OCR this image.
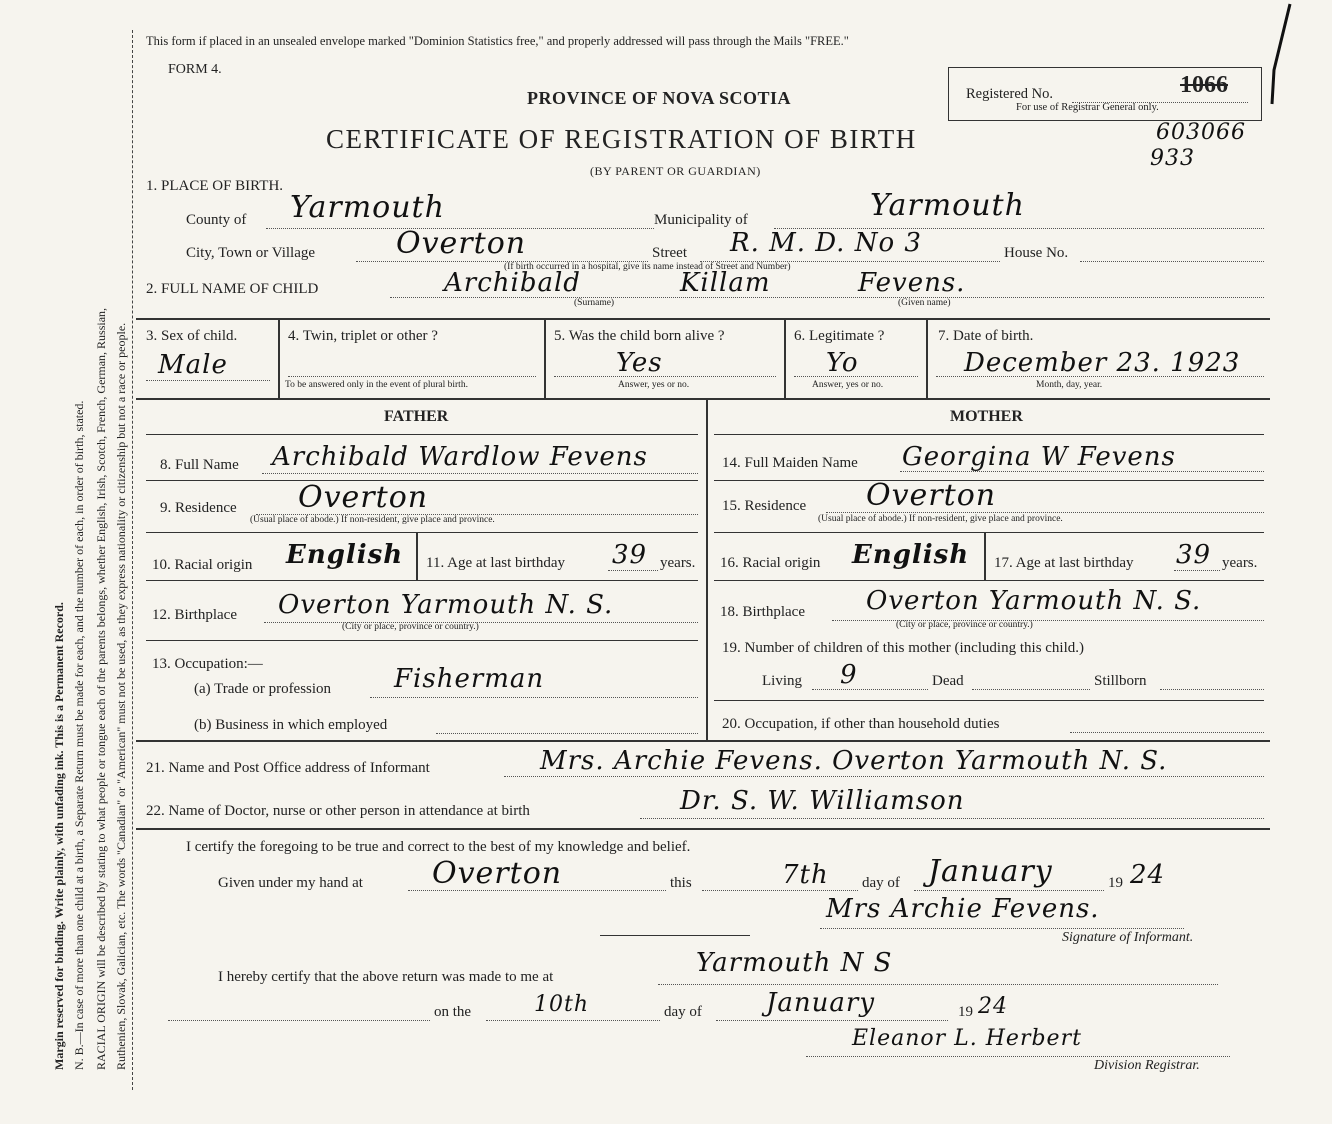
Margin reserved for binding. Write plainly, with unfading ink. This is a Permanent Record. N. B.—In case of more than one child at a birth, a Separate Return must be made for each, and the number of each, in order of birth, stated. RACIAL ORIGIN will be described by stating to what people or tongue each of the parents belongs, whether English, Irish, Scotch, French, German, Russian, Ruthenien, Slovak, Galician, etc. The words "Canadian" or "American" must not be used, as they express nationality or citizenship but not a race or people.
This form if placed in an unsealed envelope marked "Dominion Statistics free," and properly addressed will pass through the Mails "FREE."
FORM 4.
PROVINCE OF NOVA SCOTIA
CERTIFICATE OF REGISTRATION OF BIRTH
(BY PARENT OR GUARDIAN)
Registered No.	1066
For use of Registrar General only.
603066
933
1. PLACE OF BIRTH.
County of Yarmouth	Municipality of	Yarmouth
City, Town or Village	Overton	Street R. M. D. No 3	House No.
(If birth occurred in a hospital, give its name instead of Street and Number)
2. FULL NAME OF CHILD	Archibald	Killam	Fevens.
(Surname)	(Given name)
3. Sex of child.
Male
4. Twin, triplet or other ?
To be answered only in the event of plural birth.
5. Was the child born alive ?
Yes
Answer, yes or no.
6. Legitimate ?
Yo
Answer, yes or no.
7. Date of birth.
December 23. 1923
Month, day, year.
FATHER	MOTHER
8. Full Name Archibald Wardlow Fevens
9. Residence Overton
(Usual place of abode.) If non-resident, give place and province.
10. Racial origin English 11. Age at last birthday 39 years.
12. Birthplace Overton Yarmouth N. S.
(City or place, province or country.)
13. Occupation:—
(a) Trade or profession Fisherman
(b) Business in which employed
14. Full Maiden Name Georgina W Fevens
15. Residence Overton
(Usual place of abode.) If non-resident, give place and province.
16. Racial origin English 17. Age at last birthday 39 years.
18. Birthplace Overton Yarmouth N. S.
(City or place, province or country.)
19. Number of children of this mother (including this child.)
Living 9	Dead	Stillborn
20. Occupation, if other than household duties
21. Name and Post Office address of Informant	Mrs. Archie Fevens. Overton Yarmouth N. S.
22. Name of Doctor, nurse or other person in attendance at birth	Dr. S. W. Williamson
I certify the foregoing to be true and correct to the best of my knowledge and belief.
Given under my hand at Overton	this	7th day of January	19 24
Mrs Archie Fevens.
Signature of Informant.
I hereby certify that the above return was made to me at	Yarmouth N S
on the	10th	day of January	19 24
Eleanor L. Herbert
Division Registrar.
